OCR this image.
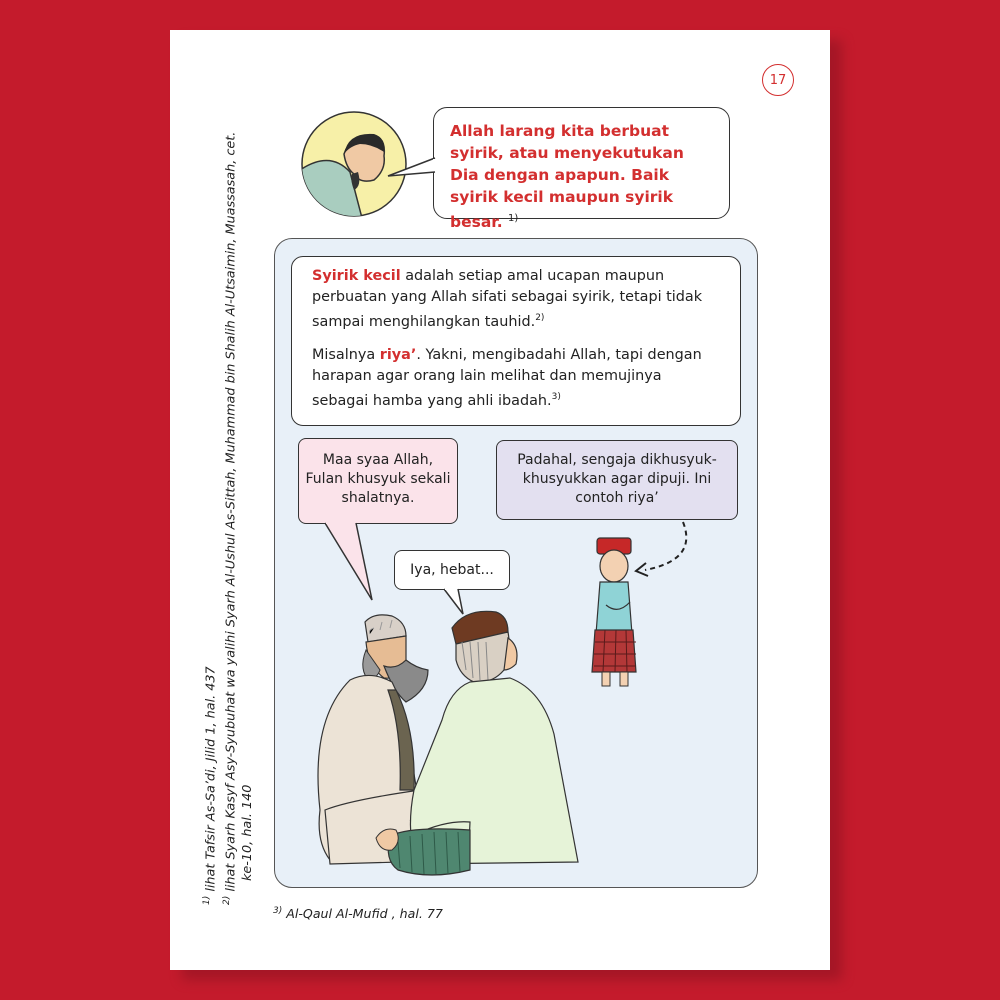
17
Allah larang kita berbuat syirik, atau menyekutukan Dia dengan apapun. Baik syirik kecil maupun syirik besar. $^{1)}$

Syirik kecil adalah setiap amal ucapan maupun perbuatan yang Allah sifati sebagai syirik, tetapi tidak sampai menghilangkan tauhid.$^{2)}$

Misalnya riya’. Yakni, mengibadahi Allah, tapi dengan harapan agar orang lain melihat dan memujinya sebagai hamba yang ahli ibadah.$^{3)}$

Maa syaa Allah, Fulan khusyuk sekali shalatnya.
Padahal, sengaja dikhusyuk-khusyukkan agar dipuji. Ini contoh riya’
Iya, hebat...
$^{1)}$ lihat Tafsir As-Sa’di, Jilid 1, hal. 437
$^{2)}$ lihat Syarh Kasyf Asy-Syubuhat wa yalihi Syarh Al-Ushul As-Sittah, Muhammad bin Shalih Al-Utsaimin, Muassasah, cet. ke-10, hal. 140
$^{3)}$ Al-Qaul Al-Mufid , hal. 77
